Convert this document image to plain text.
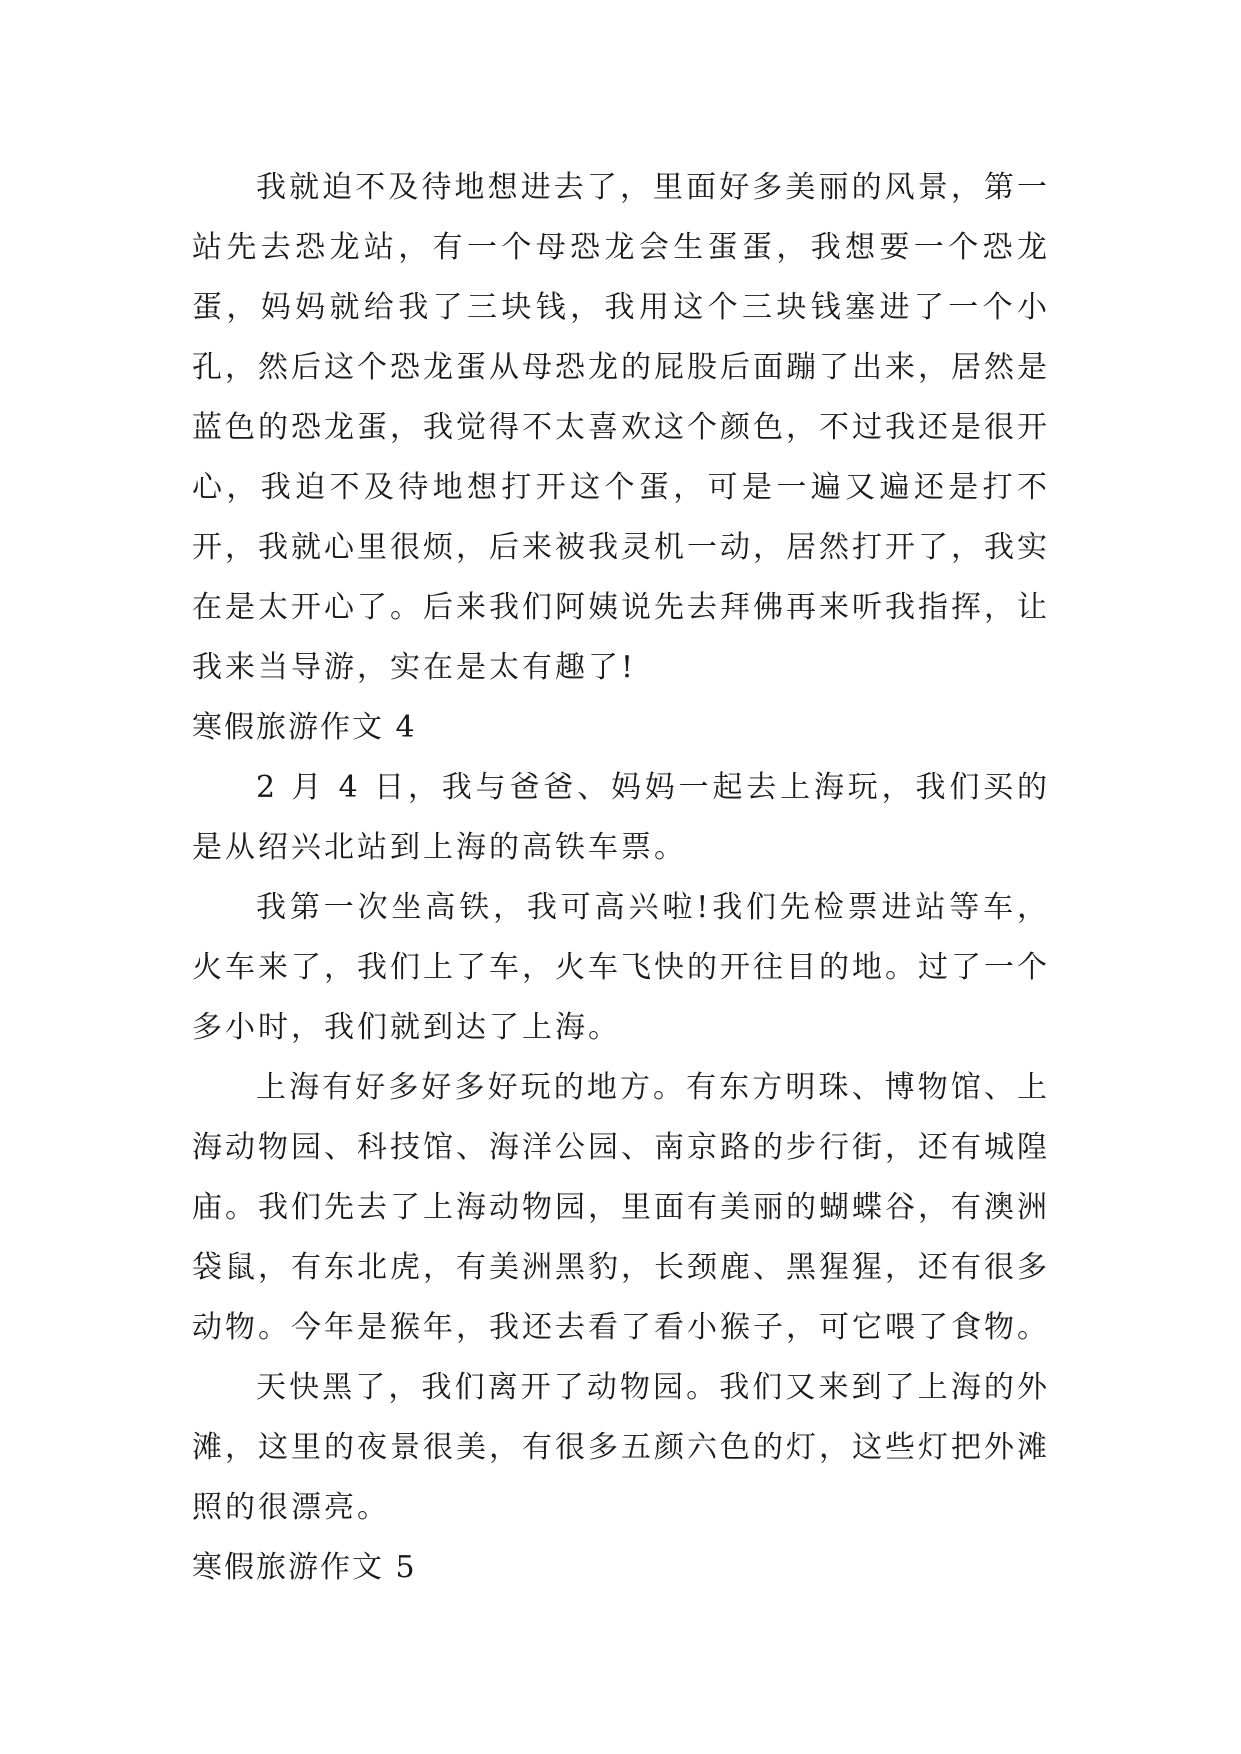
我就迫不及待地想进去了，里面好多美丽的风景，第一站先去恐龙站，有一个母恐龙会生蛋蛋，我想要一个恐龙蛋，妈妈就给我了三块钱，我用这个三块钱塞进了一个小孔，然后这个恐龙蛋从母恐龙的屁股后面蹦了出来，居然是蓝色的恐龙蛋，我觉得不太喜欢这个颜色，不过我还是很开心，我迫不及待地想打开这个蛋，可是一遍又遍还是打不开，我就心里很烦，后来被我灵机一动，居然打开了，我实在是太开心了。后来我们阿姨说先去拜佛再来听我指挥，让我来当导游，实在是太有趣了!

寒假旅游作文 4

2 月 4 日，我与爸爸、妈妈一起去上海玩，我们买的是从绍兴北站到上海的高铁车票。

我第一次坐高铁，我可高兴啦!我们先检票进站等车，火车来了，我们上了车，火车飞快的开往目的地。过了一个多小时，我们就到达了上海。

上海有好多好多好玩的地方。有东方明珠、博物馆、上海动物园、科技馆、海洋公园、南京路的步行街，还有城隍庙。我们先去了上海动物园，里面有美丽的蝴蝶谷，有澳洲袋鼠，有东北虎，有美洲黑豹，长颈鹿、黑猩猩，还有很多动物。今年是猴年，我还去看了看小猴子，可它喂了食物。

天快黑了，我们离开了动物园。我们又来到了上海的外滩，这里的夜景很美，有很多五颜六色的灯，这些灯把外滩照的很漂亮。

寒假旅游作文 5
